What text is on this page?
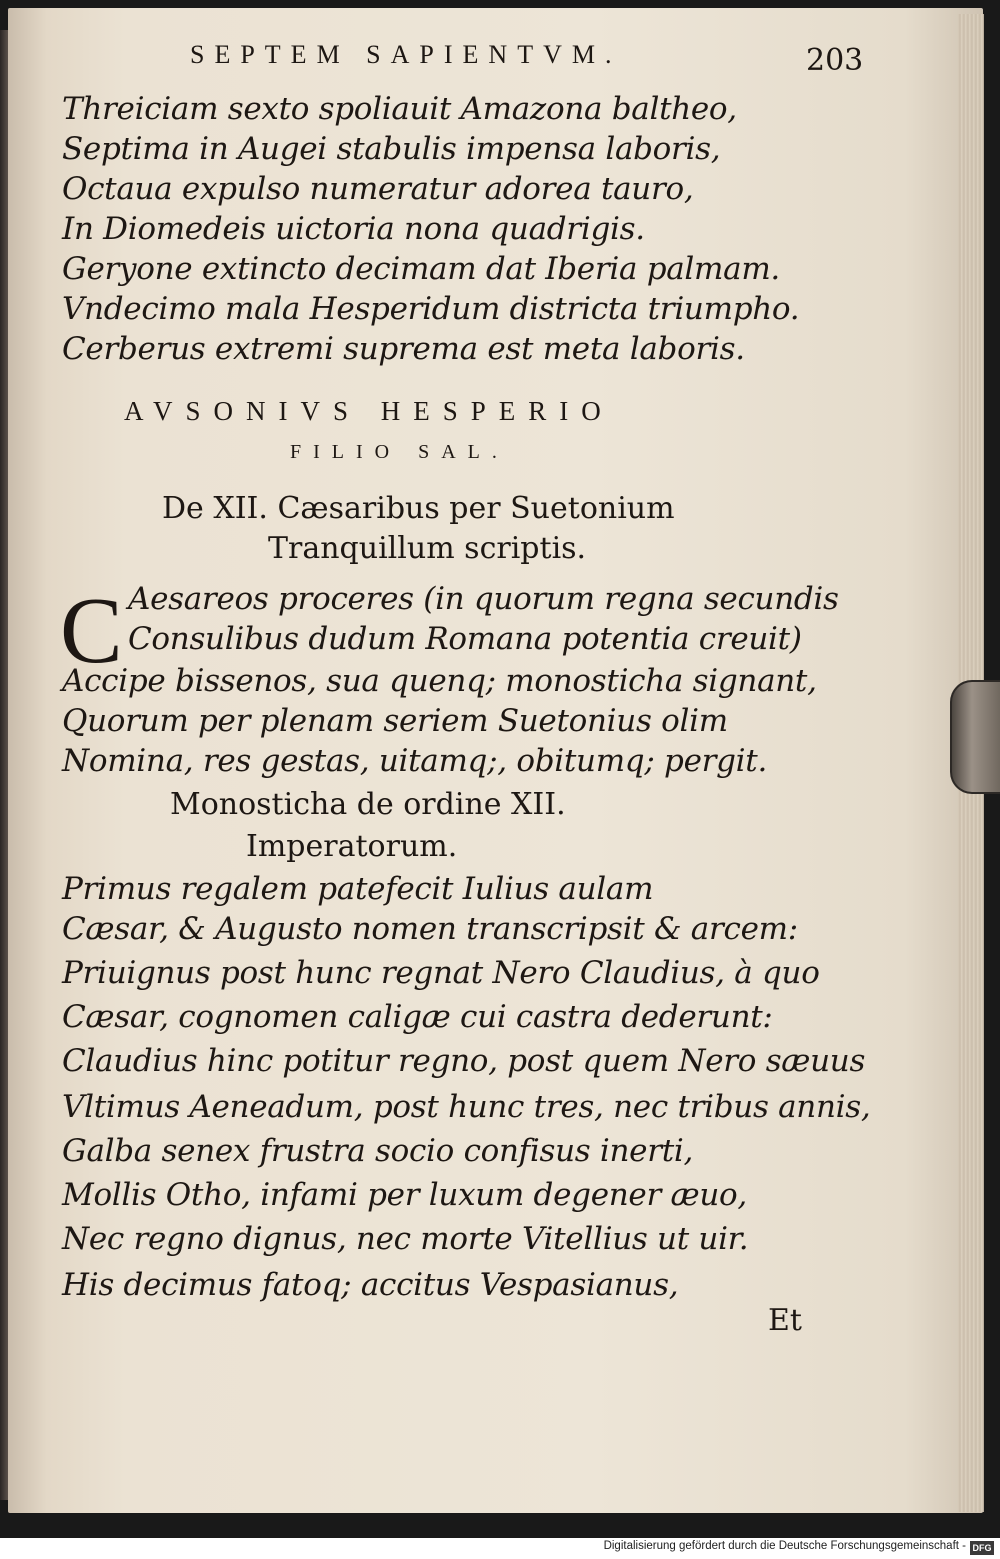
SEPTEM SAPIENTVM.	203
Threiciam sexto spoliauit Amazona baltheo,
Septima in Augei stabulis impensa laboris,
Octaua expulso numeratur adorea tauro,
In Diomedeis uictoria nona quadrigis.
Geryone extincto decimam dat Iberia palmam.
Vndecimo mala Hesperidum districta triumpho.
Cerberus extremi suprema est meta laboris.
AVSONIVS HESPERIO
FILIO SAL.
De XII. Cæsaribus per Suetonium
Tranquillum scriptis.
C Aesareos proceres (in quorum regna secundis
Consulibus dudum Romana potentia creuit)
Accipe bissenos, sua quenq; monosticha signant,
Quorum per plenam seriem Suetonius olim
Nomina, res gestas, uitamq;, obitumq; pergit.
Monosticha de ordine XII.
Imperatorum.
Primus regalem patefecit Iulius aulam
Cæsar, & Augusto nomen transcripsit & arcem:
Priuignus post hunc regnat Nero Claudius, à quo
Cæsar, cognomen caligæ cui castra dederunt:
Claudius hinc potitur regno, post quem Nero sæuus
Vltimus Aeneadum, post hunc tres, nec tribus annis,
Galba senex frustra socio confisus inerti,
Mollis Otho, infami per luxum degener æuo,
Nec regno dignus, nec morte Vitellius ut uir.
His decimus fatoq; accitus Vespasianus,
Et
Digitalisierung gefördert durch die Deutsche Forschungsgemeinschaft - DFG
